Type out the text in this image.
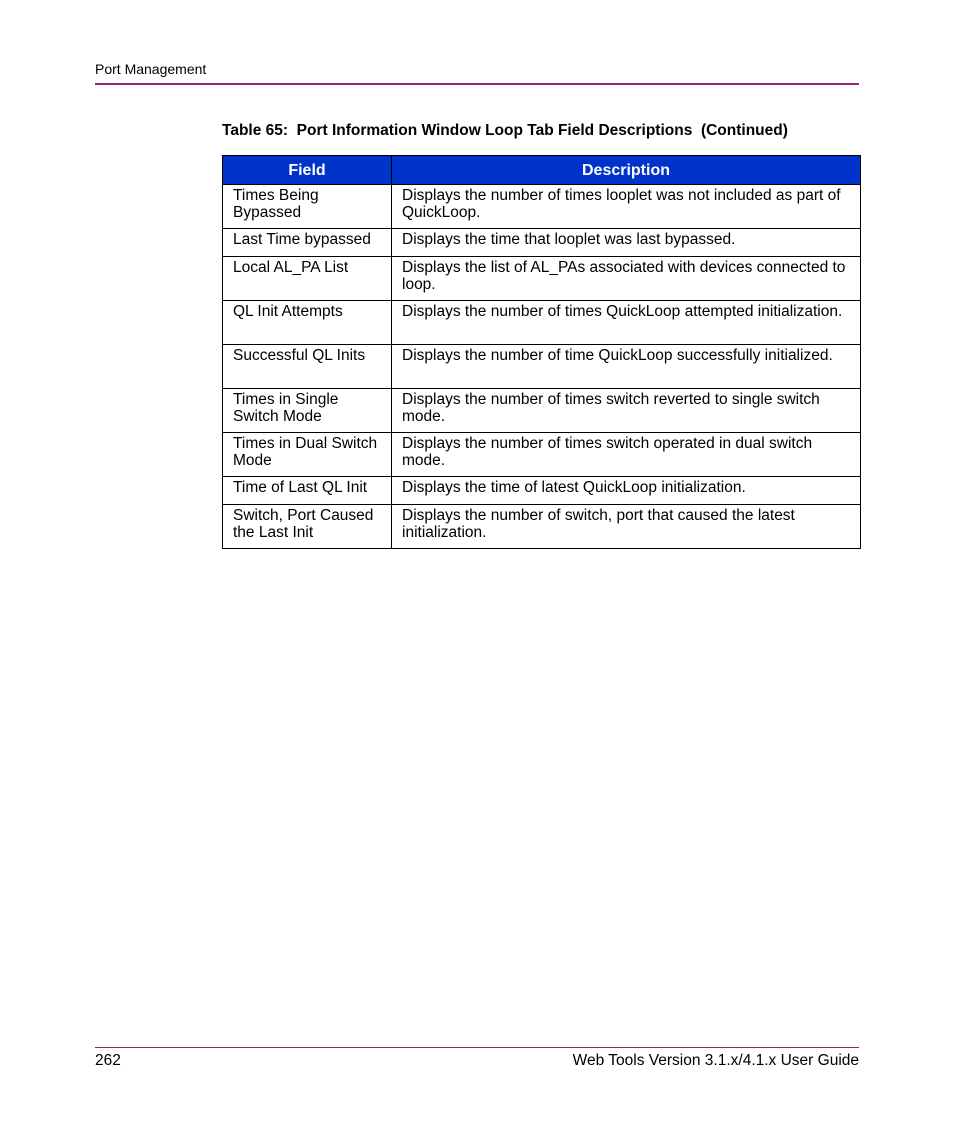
Port Management
Table 65:  Port Information Window Loop Tab Field Descriptions  (Continued)
Field	Description
Times Being Bypassed	Displays the number of times looplet was not included as part of QuickLoop.
Last Time bypassed	Displays the time that looplet was last bypassed.
Local AL_PA List	Displays the list of AL_PAs associated with devices connected to loop.
QL Init Attempts	Displays the number of times QuickLoop attempted initialization.
Successful QL Inits	Displays the number of time QuickLoop successfully initialized.
Times in Single Switch Mode	Displays the number of times switch reverted to single switch mode.
Times in Dual Switch Mode	Displays the number of times switch operated in dual switch mode.
Time of Last QL Init	Displays the time of latest QuickLoop initialization.
Switch, Port Caused the Last Init	Displays the number of switch, port that caused the latest initialization.
262	Web Tools Version 3.1.x/4.1.x User Guide
